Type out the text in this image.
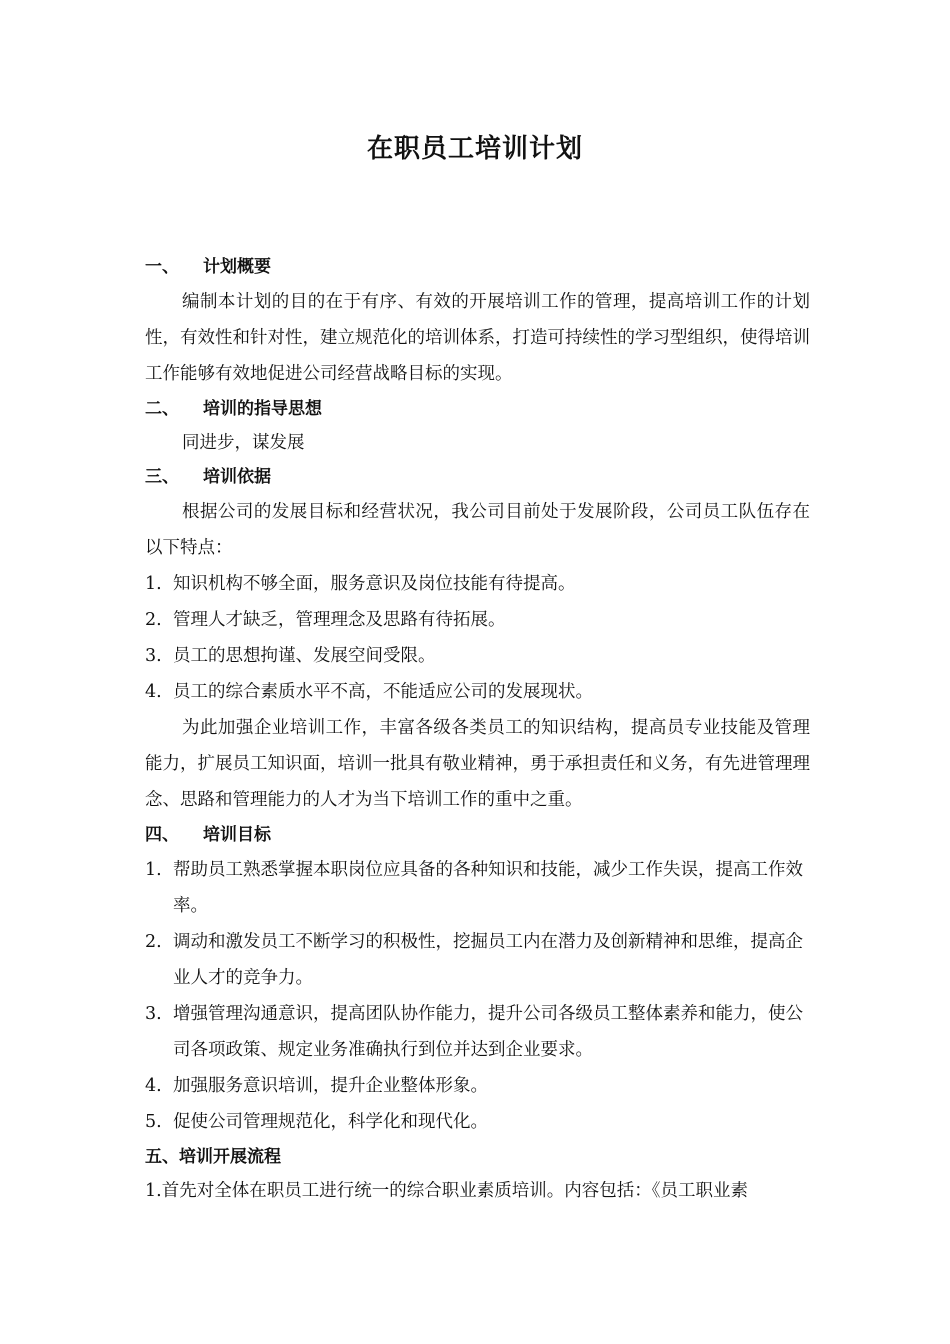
在职员工培训计划
一、 计划概要
编制本计划的目的在于有序、有效的开展培训工作的管理，提高培训工作的计划性，有效性和针对性，建立规范化的培训体系，打造可持续性的学习型组织，使得培训工作能够有效地促进公司经营战略目标的实现。
二、 培训的指导思想
同进步，谋发展
三、 培训依据
根据公司的发展目标和经营状况，我公司目前处于发展阶段，公司员工队伍存在以下特点：
1. 知识机构不够全面，服务意识及岗位技能有待提高。
2. 管理人才缺乏，管理理念及思路有待拓展。
3. 员工的思想拘谨、发展空间受限。
4. 员工的综合素质水平不高，不能适应公司的发展现状。
为此加强企业培训工作，丰富各级各类员工的知识结构，提高员专业技能及管理能力，扩展员工知识面，培训一批具有敬业精神，勇于承担责任和义务，有先进管理理念、思路和管理能力的人才为当下培训工作的重中之重。
四、 培训目标
1. 帮助员工熟悉掌握本职岗位应具备的各种知识和技能，减少工作失误，提高工作效率。
2. 调动和激发员工不断学习的积极性，挖掘员工内在潜力及创新精神和思维，提高企业人才的竞争力。
3. 增强管理沟通意识，提高团队协作能力，提升公司各级员工整体素养和能力，使公司各项政策、规定业务准确执行到位并达到企业要求。
4. 加强服务意识培训，提升企业整体形象。
5. 促使公司管理规范化，科学化和现代化。
五、培训开展流程
1.首先对全体在职员工进行统一的综合职业素质培训。内容包括：《员工职业素
